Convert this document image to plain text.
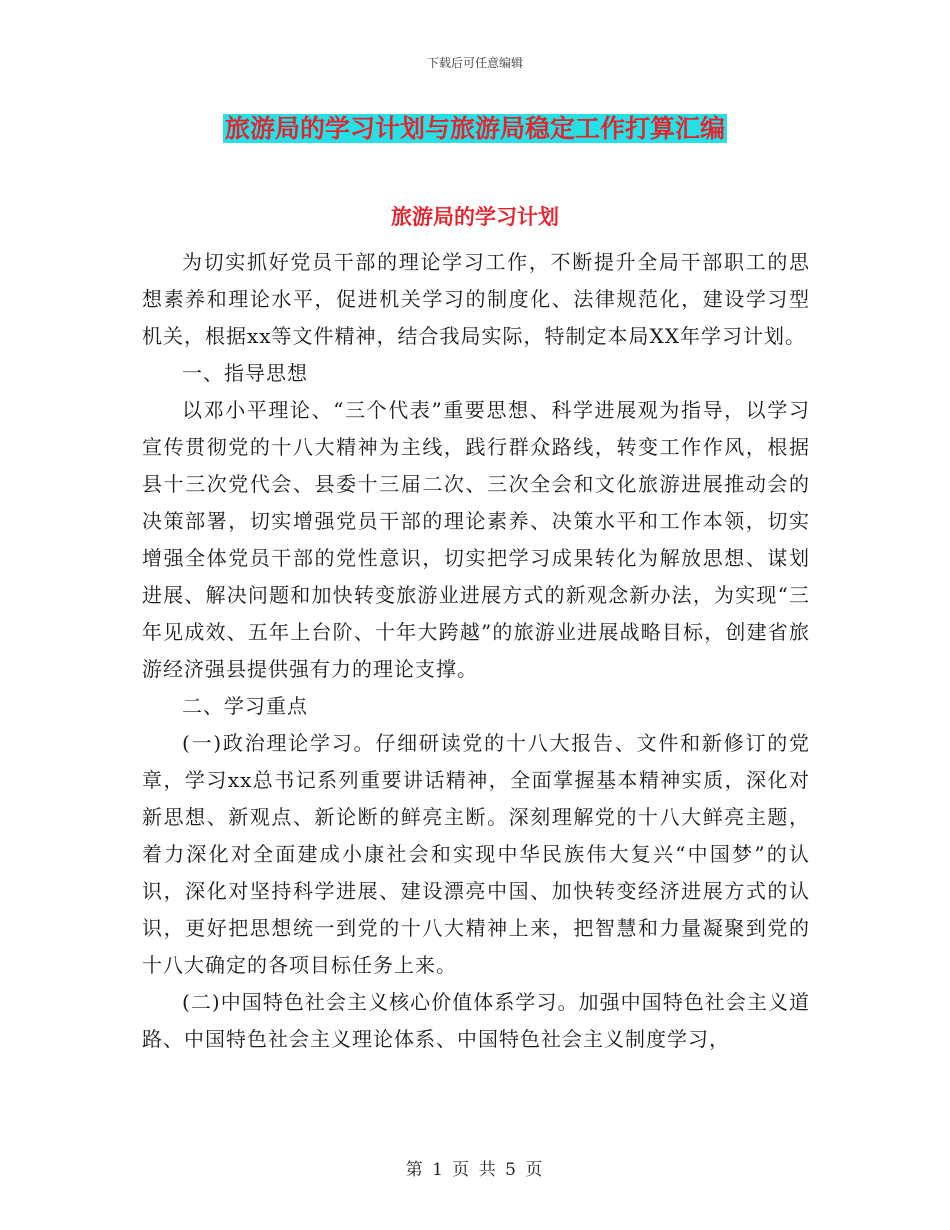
下载后可任意编辑
旅游局的学习计划与旅游局稳定工作打算汇编
旅游局的学习计划

为切实抓好党员干部的理论学习工作，不断提升全局干部职工的思想素养和理论水平，促进机关学习的制度化、法律规范化，建设学习型机关，根据xx等文件精神，结合我局实际，特制定本局XX年学习计划。

一、指导思想

以邓小平理论、“三个代表”重要思想、科学进展观为指导，以学习宣传贯彻党的十八大精神为主线，践行群众路线，转变工作作风，根据县十三次党代会、县委十三届二次、三次全会和文化旅游进展推动会的决策部署，切实增强党员干部的理论素养、决策水平和工作本领，切实增强全体党员干部的党性意识，切实把学习成果转化为解放思想、谋划进展、解决问题和加快转变旅游业进展方式的新观念新办法，为实现“三年见成效、五年上台阶、十年大跨越”的旅游业进展战略目标，创建省旅游经济强县提供强有力的理论支撑。

二、学习重点

(一)政治理论学习。仔细研读党的十八大报告、文件和新修订的党章，学习xx总书记系列重要讲话精神，全面掌握基本精神实质，深化对新思想、新观点、新论断的鲜亮主断。深刻理解党的十八大鲜亮主题，着力深化对全面建成小康社会和实现中华民族伟大复兴“中国梦”的认识，深化对坚持科学进展、建设漂亮中国、加快转变经济进展方式的认识，更好把思想统一到党的十八大精神上来，把智慧和力量凝聚到党的十八大确定的各项目标任务上来。

(二)中国特色社会主义核心价值体系学习。加强中国特色社会主义道路、中国特色社会主义理论体系、中国特色社会主义制度学习，

第 1 页 共 5 页
